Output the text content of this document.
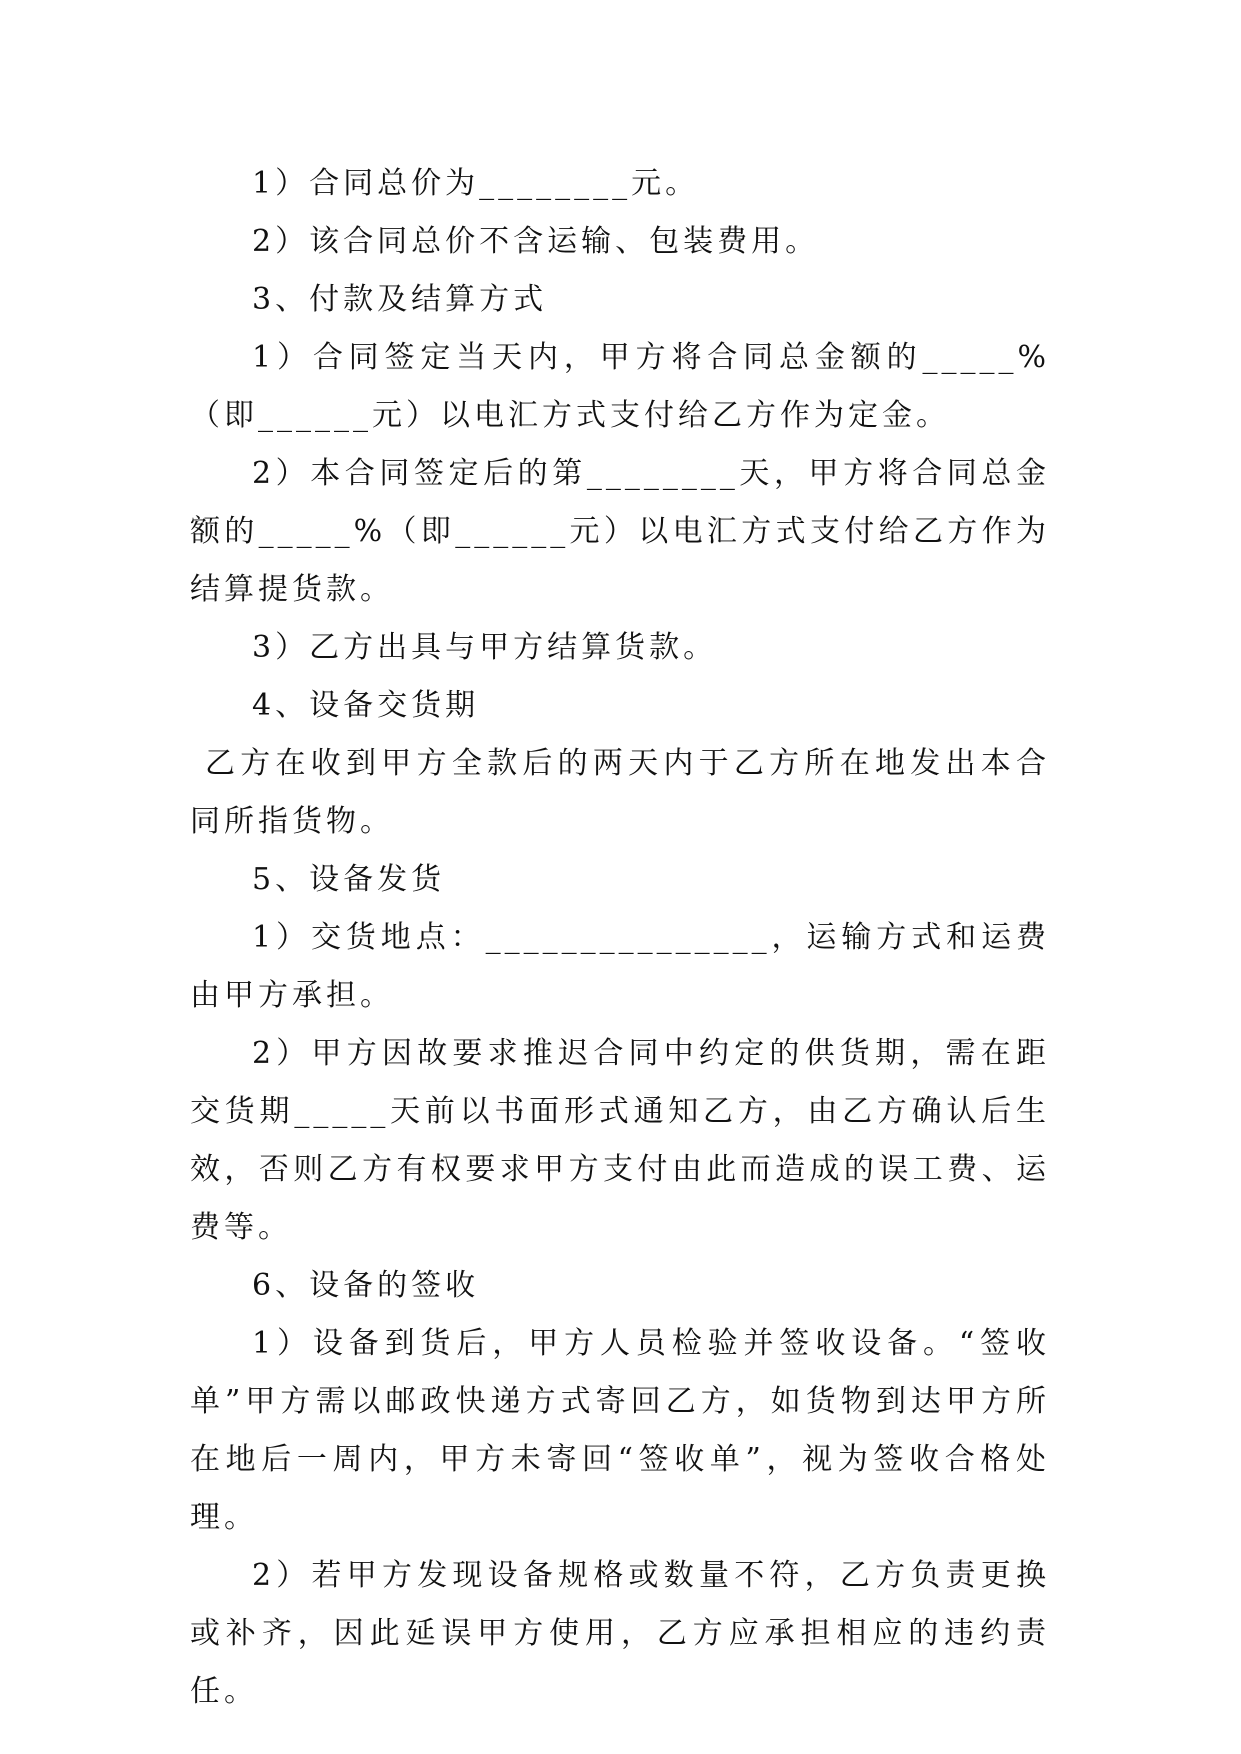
1）合同总价为________元。

2）该合同总价不含运输、包装费用。

3、付款及结算方式

1）合同签定当天内，甲方将合同总金额的_____%（即______元）以电汇方式支付给乙方作为定金。

2）本合同签定后的第________天，甲方将合同总金额的_____%（即______元）以电汇方式支付给乙方作为结算提货款。

3）乙方出具与甲方结算货款。

4、设备交货期

乙方在收到甲方全款后的两天内于乙方所在地发出本合同所指货物。

5、设备发货

1）交货地点：_______________，运输方式和运费由甲方承担。

2）甲方因故要求推迟合同中约定的供货期，需在距交货期_____天前以书面形式通知乙方，由乙方确认后生效，否则乙方有权要求甲方支付由此而造成的误工费、运费等。

6、设备的签收

1）设备到货后，甲方人员检验并签收设备。“签收单”甲方需以邮政快递方式寄回乙方，如货物到达甲方所在地后一周内，甲方未寄回“签收单”，视为签收合格处理。

2）若甲方发现设备规格或数量不符，乙方负责更换或补齐，因此延误甲方使用，乙方应承担相应的违约责任。
